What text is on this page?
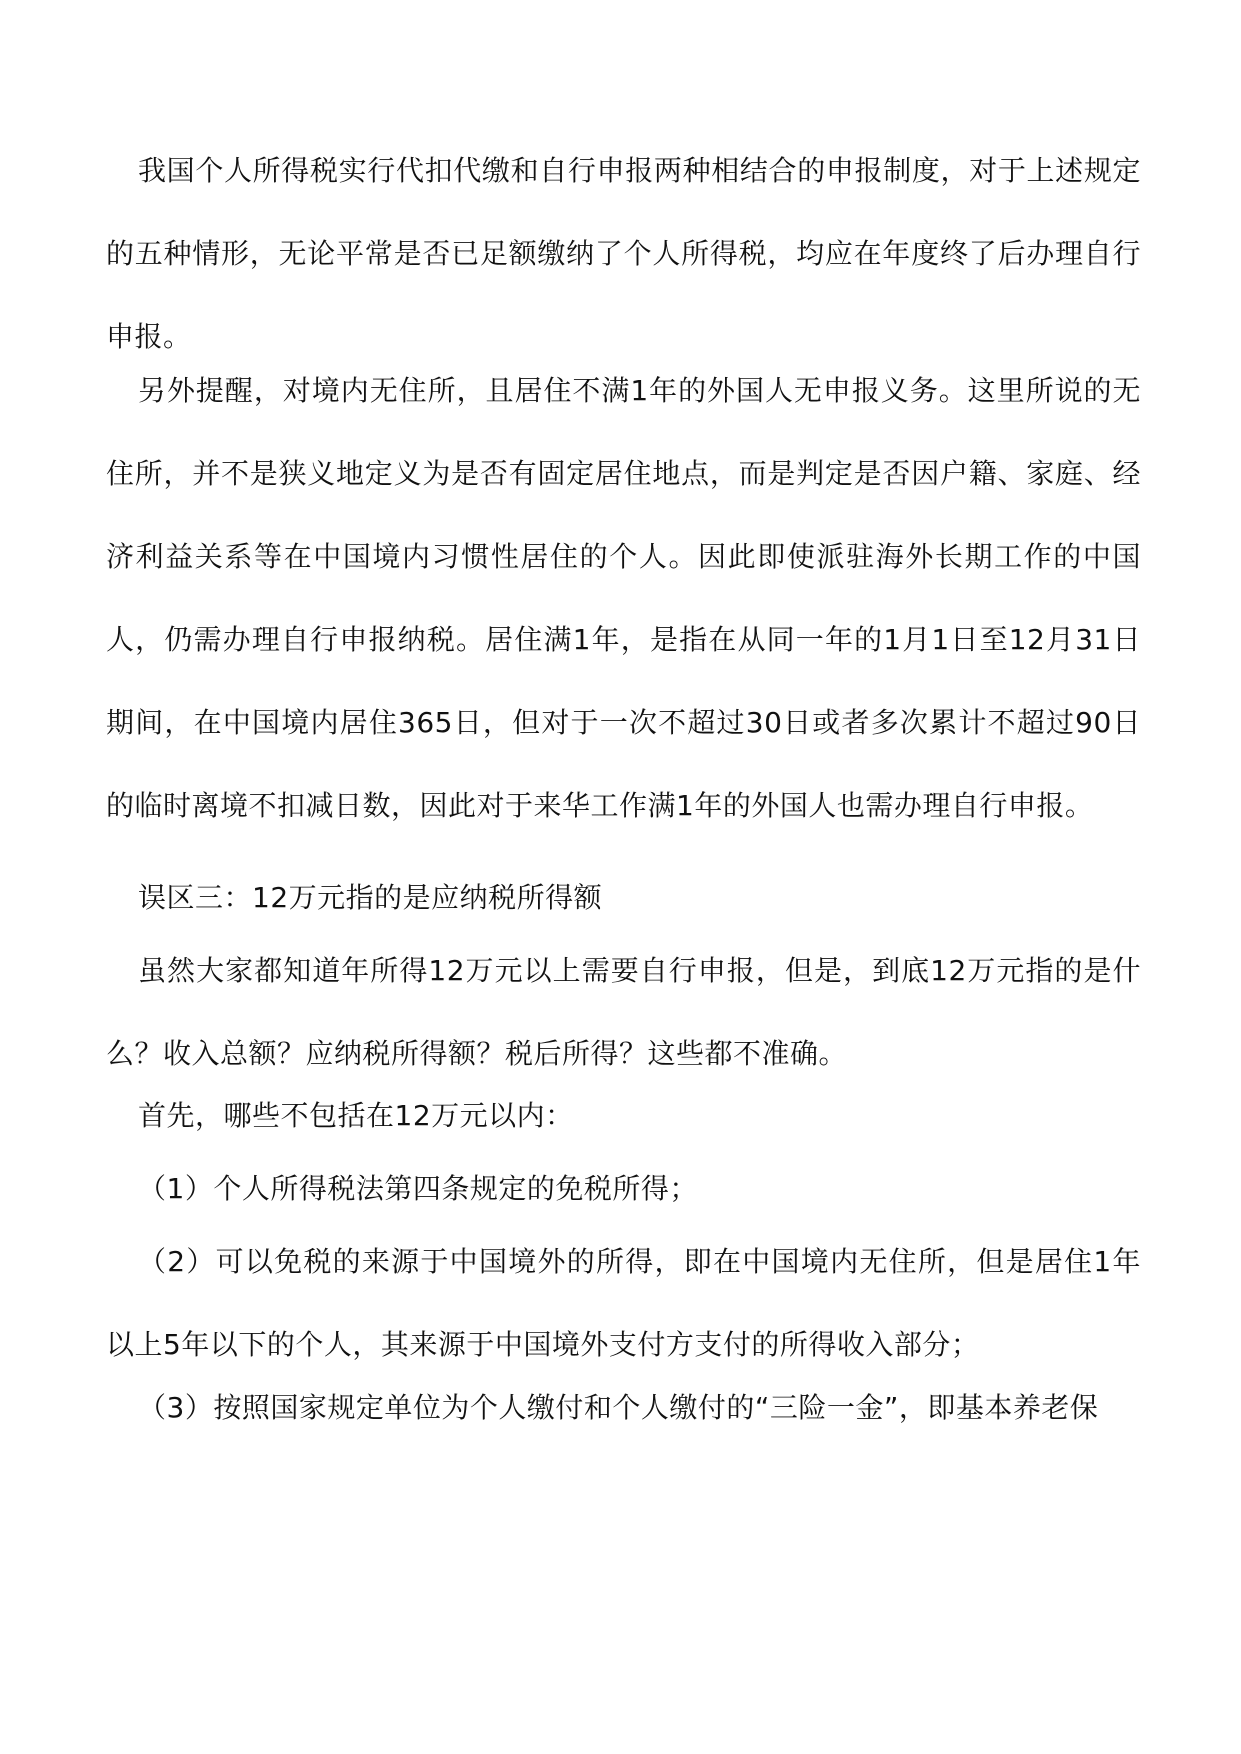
我国个人所得税实行代扣代缴和自行申报两种相结合的申报制度，对于上述规定的五种情形，无论平常是否已足额缴纳了个人所得税，均应在年度终了后办理自行申报。

另外提醒，对境内无住所，且居住不满1年的外国人无申报义务。这里所说的无住所，并不是狭义地定义为是否有固定居住地点，而是判定是否因户籍、家庭、经济利益关系等在中国境内习惯性居住的个人。因此即使派驻海外长期工作的中国人，仍需办理自行申报纳税。居住满1年，是指在从同一年的1月1日至12月31日期间，在中国境内居住365日，但对于一次不超过30日或者多次累计不超过90日的临时离境不扣减日数，因此对于来华工作满1年的外国人也需办理自行申报。

误区三：12万元指的是应纳税所得额

虽然大家都知道年所得12万元以上需要自行申报，但是，到底12万元指的是什么？收入总额？应纳税所得额？税后所得？这些都不准确。

首先，哪些不包括在12万元以内：

（1）个人所得税法第四条规定的免税所得；

（2）可以免税的来源于中国境外的所得，即在中国境内无住所，但是居住1年以上5年以下的个人，其来源于中国境外支付方支付的所得收入部分；

（3）按照国家规定单位为个人缴付和个人缴付的“三险一金”，即基本养老保
